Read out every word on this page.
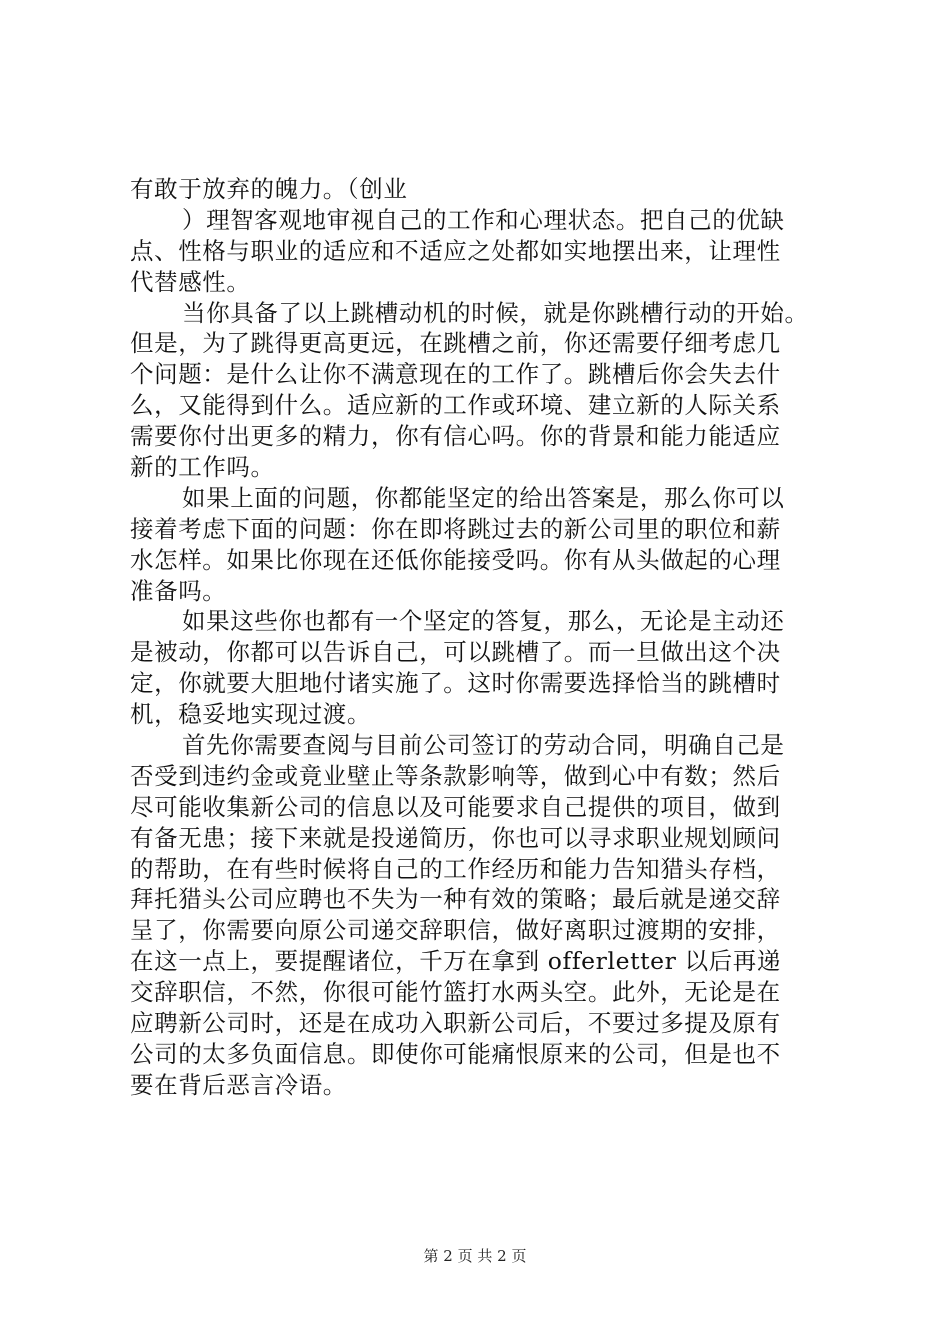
有敢于放弃的魄力。（创业
）理智客观地审视自己的工作和心理状态。把自己的优缺
点、性格与职业的适应和不适应之处都如实地摆出来，让理性
代替感性。
当你具备了以上跳槽动机的时候，就是你跳槽行动的开始。
但是，为了跳得更高更远，在跳槽之前，你还需要仔细考虑几
个问题：是什么让你不满意现在的工作了。跳槽后你会失去什
么，又能得到什么。适应新的工作或环境、建立新的人际关系
需要你付出更多的精力，你有信心吗。你的背景和能力能适应
新的工作吗。
如果上面的问题，你都能坚定的给出答案是，那么你可以
接着考虑下面的问题：你在即将跳过去的新公司里的职位和薪
水怎样。如果比你现在还低你能接受吗。你有从头做起的心理
准备吗。
如果这些你也都有一个坚定的答复，那么，无论是主动还
是被动，你都可以告诉自己，可以跳槽了。而一旦做出这个决
定，你就要大胆地付诸实施了。这时你需要选择恰当的跳槽时
机，稳妥地实现过渡。
首先你需要查阅与目前公司签订的劳动合同，明确自己是
否受到违约金或竟业壁止等条款影响等，做到心中有数；然后
尽可能收集新公司的信息以及可能要求自己提供的项目，做到
有备无患；接下来就是投递简历，你也可以寻求职业规划顾问
的帮助，在有些时候将自己的工作经历和能力告知猎头存档，
拜托猎头公司应聘也不失为一种有效的策略；最后就是递交辞
呈了，你需要向原公司递交辞职信，做好离职过渡期的安排，
在这一点上，要提醒诸位，千万在拿到 offerletter 以后再递
交辞职信，不然，你很可能竹篮打水两头空。此外，无论是在
应聘新公司时，还是在成功入职新公司后，不要过多提及原有
公司的太多负面信息。即使你可能痛恨原来的公司，但是也不
要在背后恶言冷语。
第 2 页 共 2 页
